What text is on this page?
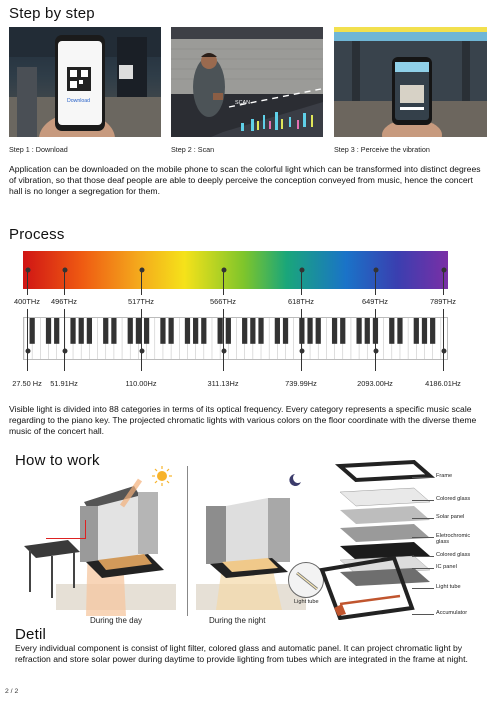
Step by step
Download	SCAN
Step 1 : Download	Step 2 : Scan	Step 3 : Perceive the vibration
Application can be downloaded on the mobile phone to scan the colorful light which can be transformed into distinct degrees of vibration, so that those deaf people are able to deeply perceive the conception conveyed from music, hence the concert hall is no longer a segregation for them.
Process
400THz
27.50 Hz
496THz
51.91Hz
517THz
110.00Hz
566THz
311.13Hz
618THz
739.99Hz
649THz
2093.00Hz
789THz
4186.01Hz
Visible light is divided into 88 categories in terms of its optical frequency. Every category represents a specific music scale regarding to the piano key. The projected chromatic lights with various colors on the floor coordinate with the diverse theme music of the concert hall.
How to work
Light tube
During the day	During the night
Frame
Colored glass
Solar panel
Eletrochromic glass
Colored glass
IC panel
Light tube
Accumulator
Detil
Every individual component is consist of light filter, colored glass and automatic panel. It can project chromatic light by refraction and store solar power during daytime to provide lighting from tubes which are integrated in the frame at night.
2 / 2
